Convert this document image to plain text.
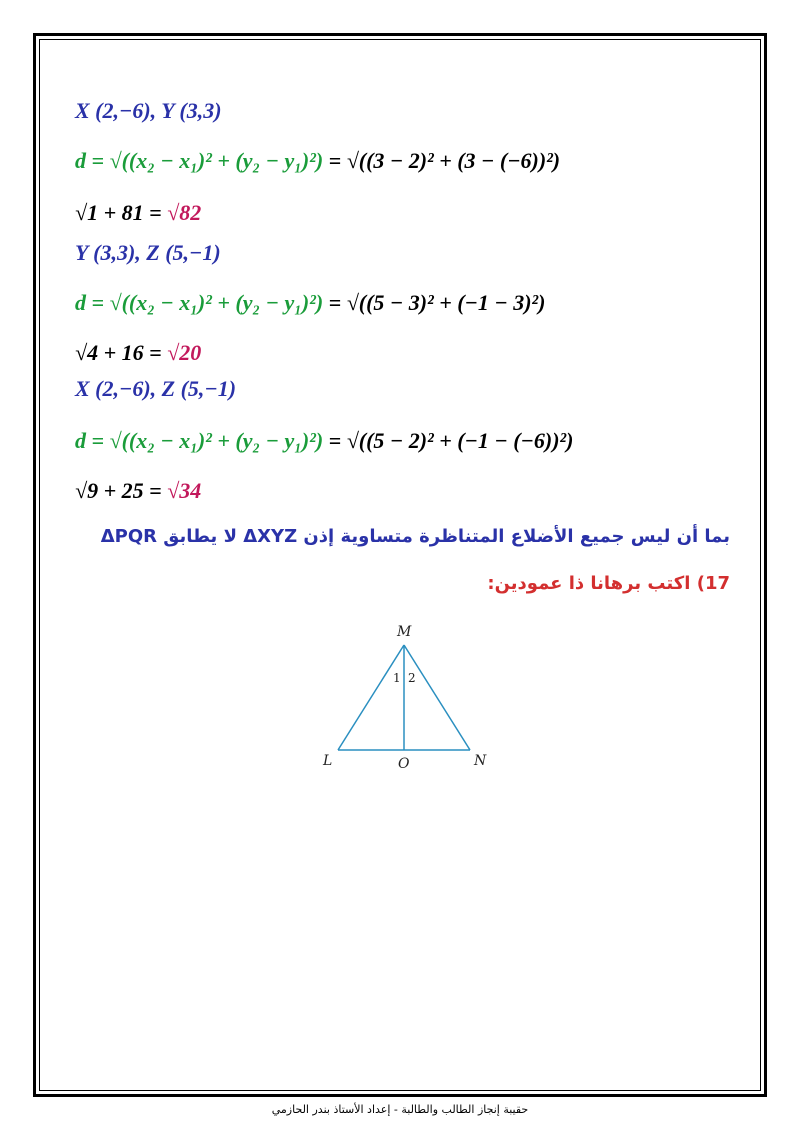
X (2,−6), Y (3,3)
d = √((x₂ − x₁)² + (y₂ − y₁)²) = √((3 − 2)² + (3 − (−6))²)
√1 + 81 = √82
Y (3,3), Z (5,−1)
d = √((x₂ − x₁)² + (y₂ − y₁)²) = √((5 − 3)² + (−1 − 3)²)
√4 + 16 = √20
X (2,−6), Z (5,−1)
d = √((x₂ − x₁)² + (y₂ − y₁)²) = √((5 − 2)² + (−1 − (−6))²)
√9 + 25 = √34
بما أن ليس جميع الأضلاع المتناظرة متساوية إذن ΔXYZ لا يطابق ΔPQR
17) اكتب برهانا ذا عمودين:
M
L	N
O
1 2
حقيبة إنجاز الطالب والطالبة - إعداد الأستاذ بندر الحازمي
